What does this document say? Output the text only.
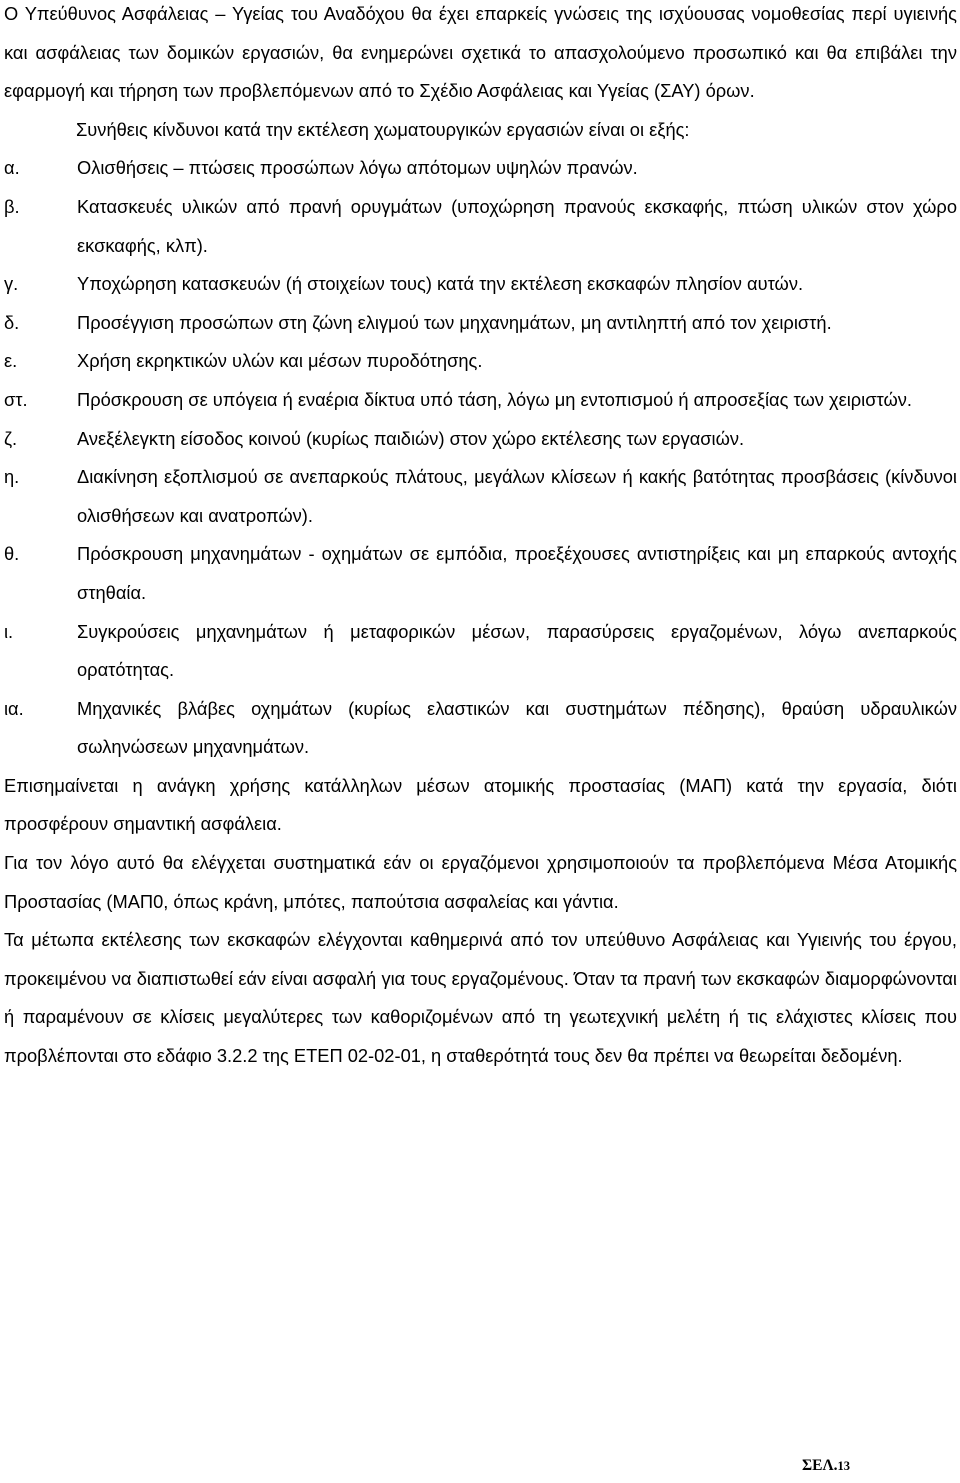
Ο Υπεύθυνος Ασφάλειας – Υγείας του Αναδόχου θα έχει επαρκείς γνώσεις της ισχύουσας νομοθεσίας περί υγιεινής και ασφάλειας των δομικών εργασιών, θα ενημερώνει σχετικά το απασχολούμενο προσωπικό και θα επιβάλει την εφαρμογή και τήρηση των προβλεπόμενων από το Σχέδιο Ασφάλειας και Υγείας (ΣΑΥ) όρων.

Συνήθεις κίνδυνοι κατά την εκτέλεση χωματουργικών εργασιών είναι οι εξής:

α.	Ολισθήσεις – πτώσεις προσώπων λόγω απότομων υψηλών πρανών.
β.	Κατασκευές υλικών από πρανή ορυγμάτων (υποχώρηση πρανούς εκσκαφής, πτώση υλικών στον χώρο εκσκαφής, κλπ).
γ.	Υποχώρηση κατασκευών (ή στοιχείων τους) κατά την εκτέλεση εκσκαφών πλησίον αυτών.
δ.	Προσέγγιση προσώπων στη ζώνη ελιγμού των μηχανημάτων, μη αντιληπτή από τον χειριστή.
ε.	Χρήση εκρηκτικών υλών και μέσων πυροδότησης.
στ.	Πρόσκρουση σε υπόγεια ή εναέρια δίκτυα υπό τάση, λόγω μη εντοπισμού ή απροσεξίας των χειριστών.
ζ.	Ανεξέλεγκτη είσοδος κοινού (κυρίως παιδιών) στον χώρο εκτέλεσης των εργασιών.
η.	Διακίνηση εξοπλισμού σε ανεπαρκούς πλάτους, μεγάλων κλίσεων ή κακής βατότητας προσβάσεις (κίνδυνοι ολισθήσεων και ανατροπών).
θ.	Πρόσκρουση μηχανημάτων - οχημάτων σε εμπόδια, προεξέχουσες αντιστηρίξεις και μη επαρκούς αντοχής στηθαία.
ι.	Συγκρούσεις μηχανημάτων ή μεταφορικών μέσων, παρασύρσεις εργαζομένων, λόγω ανεπαρκούς ορατότητας.
ια.	Μηχανικές βλάβες οχημάτων (κυρίως ελαστικών και συστημάτων πέδησης), θραύση υδραυλικών σωληνώσεων μηχανημάτων.

Επισημαίνεται η ανάγκη χρήσης κατάλληλων μέσων ατομικής προστασίας (ΜΑΠ) κατά την εργασία, διότι προσφέρουν σημαντική ασφάλεια.

Για τον λόγο αυτό θα ελέγχεται συστηματικά εάν οι εργαζόμενοι χρησιμοποιούν τα προβλεπόμενα Μέσα Ατομικής Προστασίας (ΜΑΠ0, όπως κράνη, μπότες, παπούτσια ασφαλείας και γάντια.

Τα μέτωπα εκτέλεσης των εκσκαφών ελέγχονται καθημερινά από τον υπεύθυνο Ασφάλειας και Υγιεινής του έργου, προκειμένου να διαπιστωθεί εάν είναι ασφαλή για τους εργαζομένους. Όταν τα πρανή των εκσκαφών διαμορφώνονται ή παραμένουν σε κλίσεις μεγαλύτερες των καθοριζομένων από τη γεωτεχνική μελέτη ή τις ελάχιστες κλίσεις που προβλέπονται στο εδάφιο 3.2.2 της ΕΤΕΠ 02-02-01, η σταθερότητά τους δεν θα πρέπει να θεωρείται δεδομένη.

ΣΕΛ.13
